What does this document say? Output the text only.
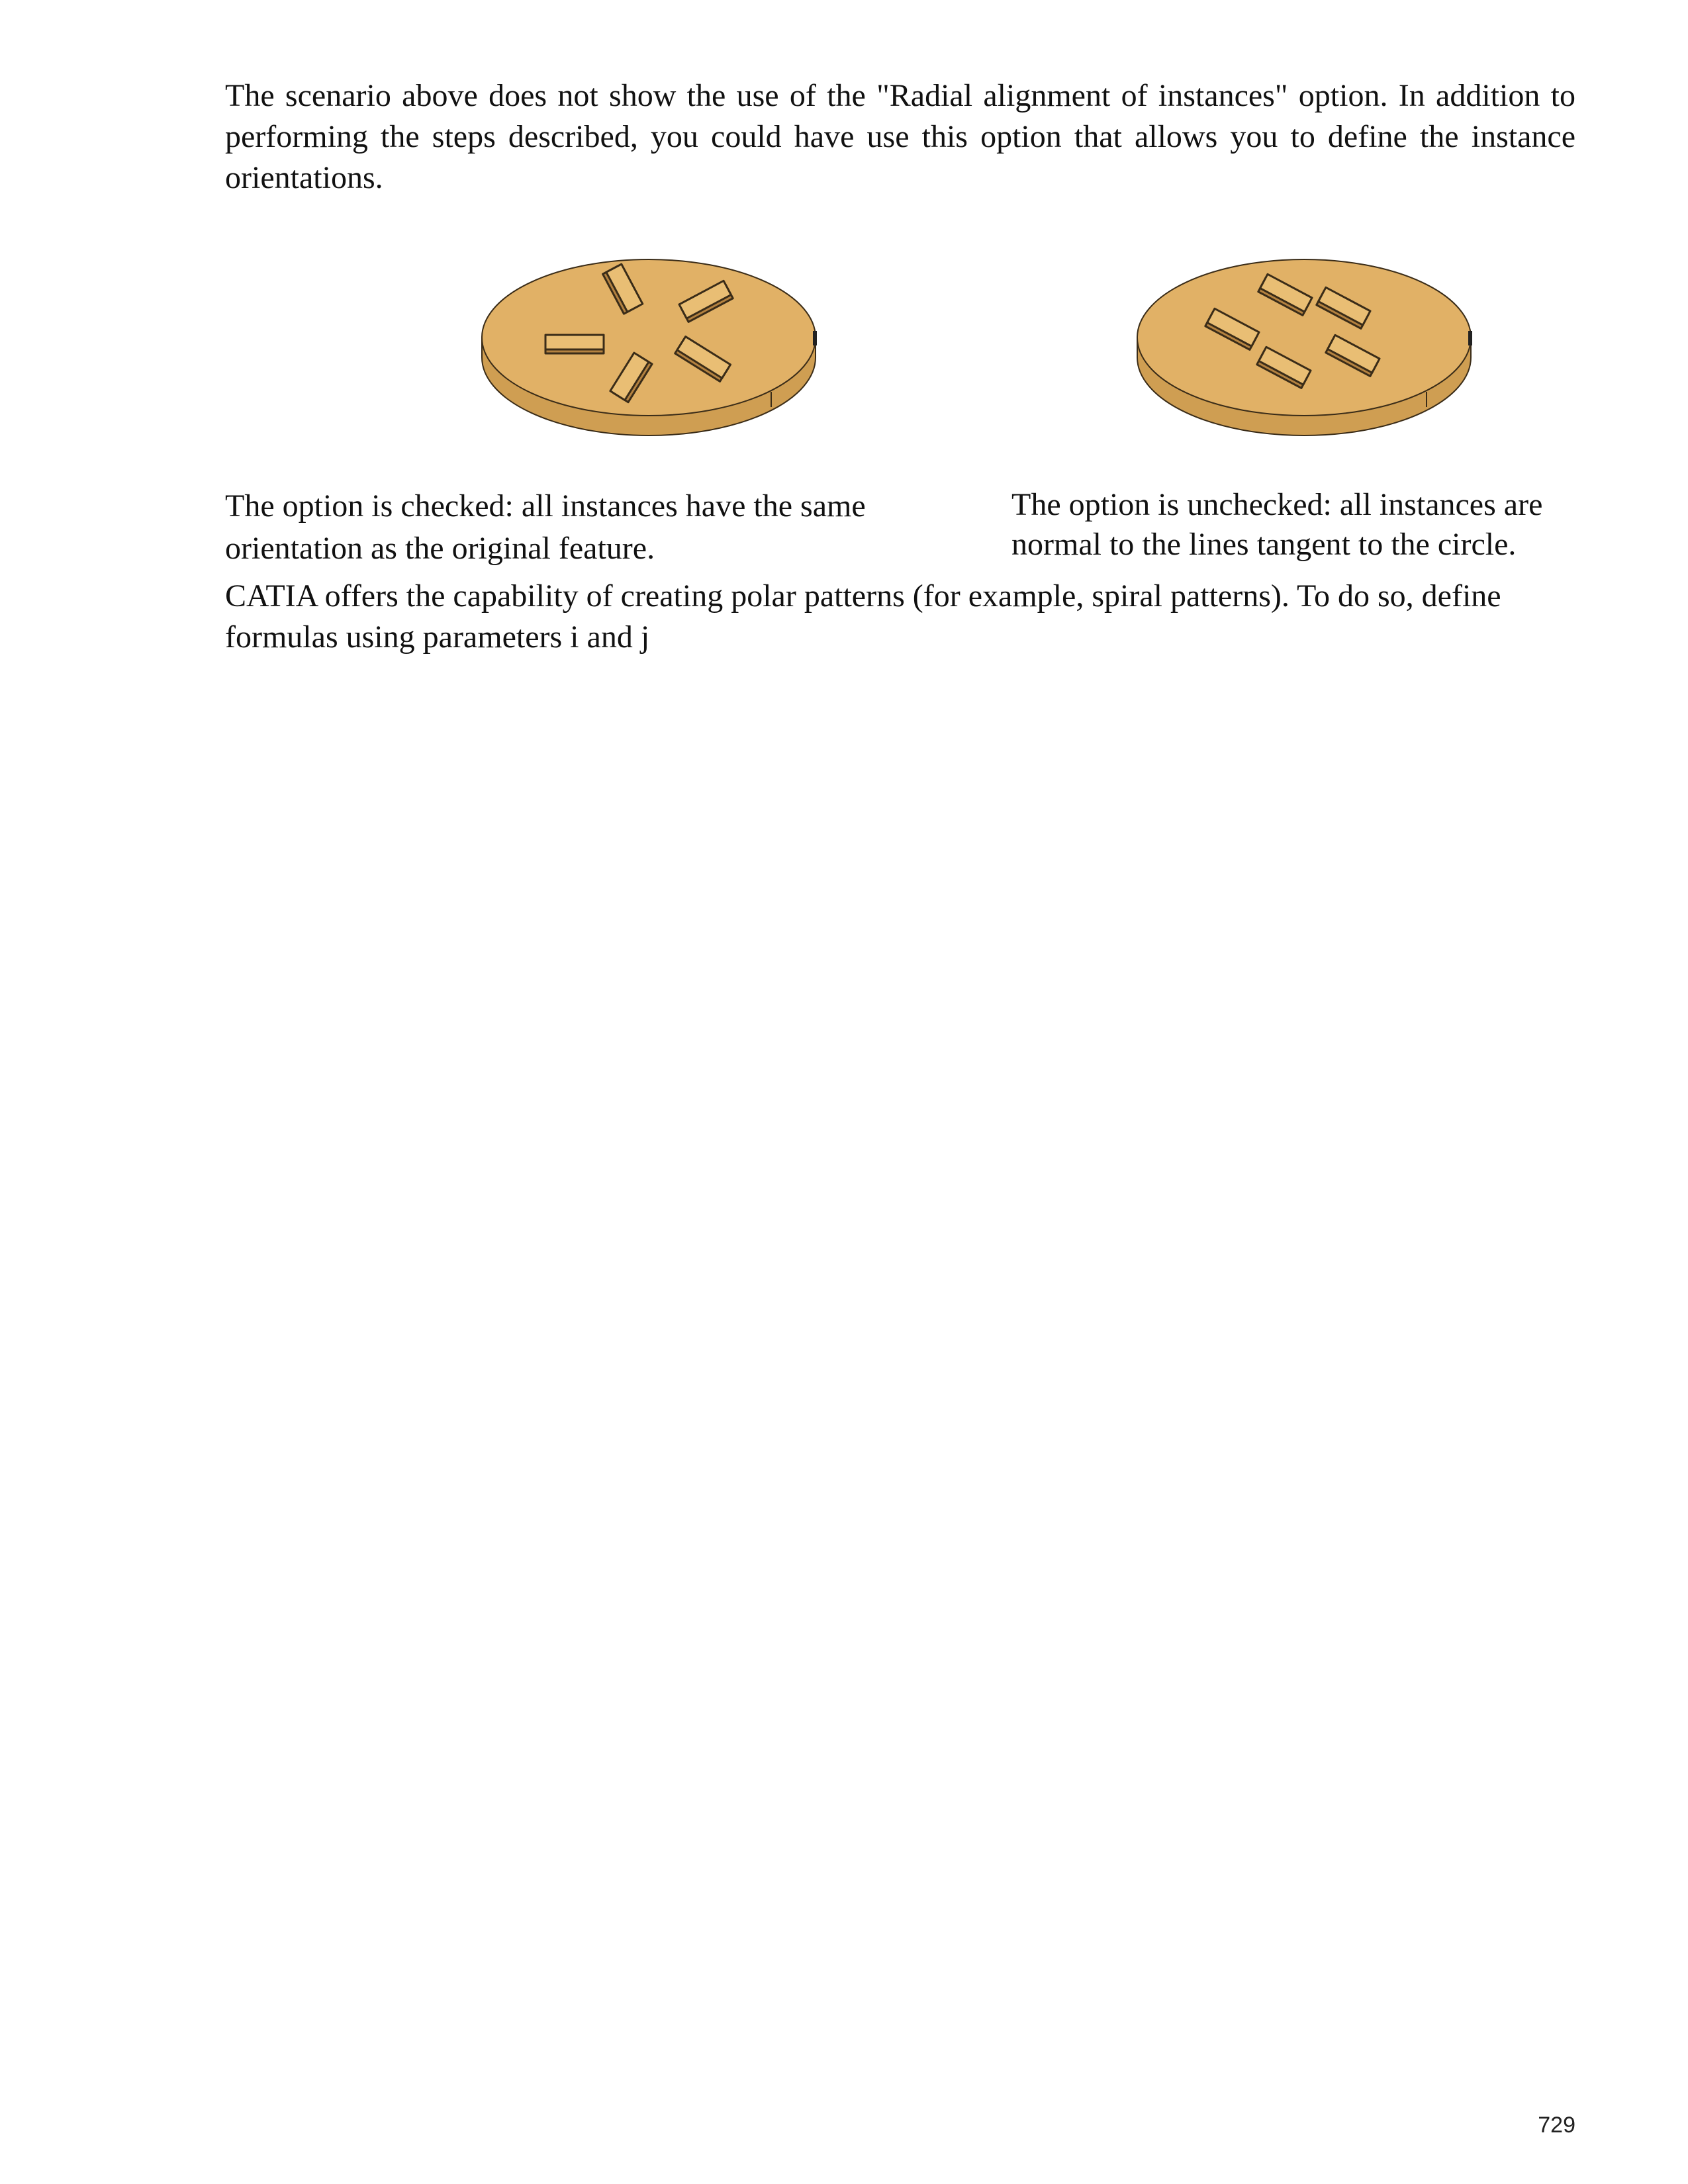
The scenario above does not show the use of the "Radial alignment of instances" option. In addition to performing the steps described, you could have use this option that allows you to define the instance orientations.

The option is checked: all instances have the same orientation as the original feature.

The option is unchecked: all instances are normal to the lines tangent to the circle.

CATIA offers the capability of creating polar patterns (for example, spiral patterns). To do so, define formulas using parameters i and j

729
